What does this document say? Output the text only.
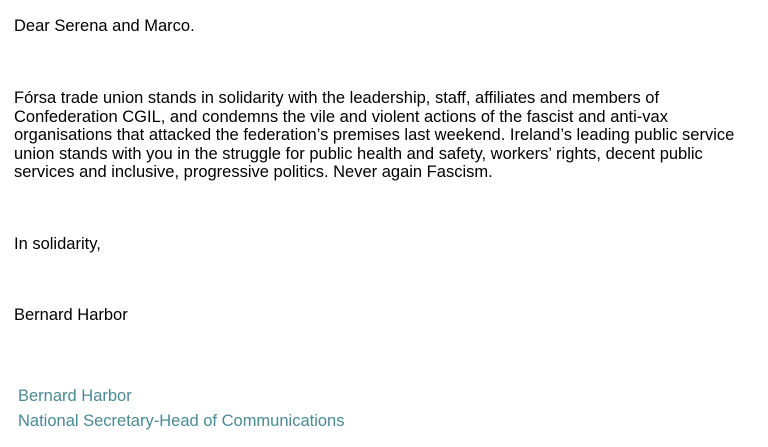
Dear Serena and Marco.

Fórsa trade union stands in solidarity with the leadership, staff, affiliates and members of Confederation CGIL, and condemns the vile and violent actions of the fascist and anti-vax organisations that attacked the federation’s premises last weekend. Ireland’s leading public service union stands with you in the struggle for public health and safety, workers’ rights, decent public services and inclusive, progressive politics. Never again Fascism.

In solidarity,

Bernard Harbor

Bernard Harbor
National Secretary-Head of Communications
